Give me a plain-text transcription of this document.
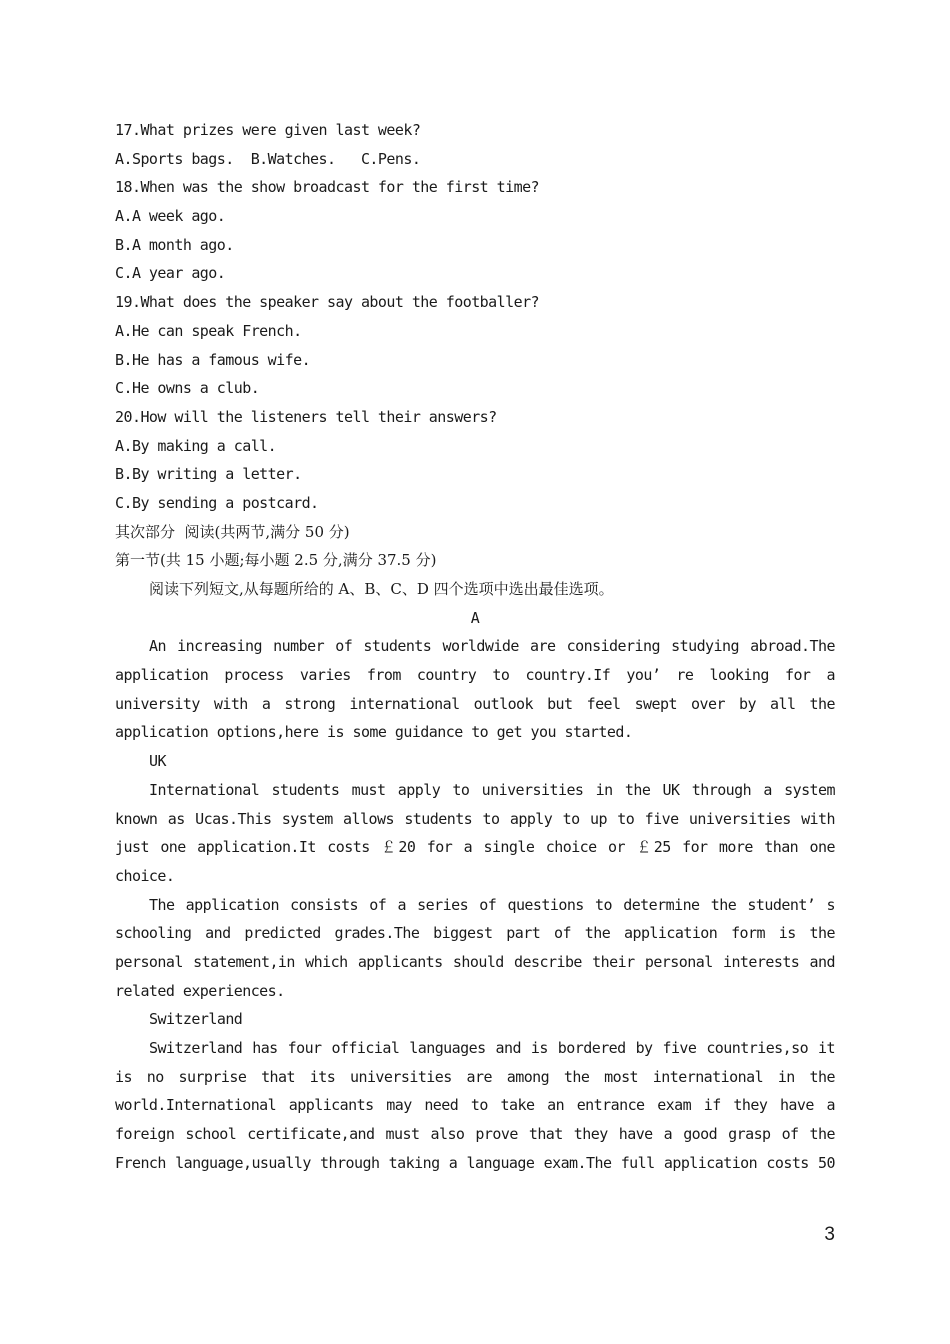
17.What prizes were given last week?
A.Sports bags.  B.Watches.   C.Pens.
18.When was the show broadcast for the first time?
A.A week ago.
B.A month ago.
C.A year ago.
19.What does the speaker say about the footballer?
A.He can speak French.
B.He has a famous wife.
C.He owns a club.
20.How will the listeners tell their answers?
A.By making a call.
B.By writing a letter.
C.By sending a postcard.
其次部分  阅读(共两节,满分 50 分)
第一节(共 15 小题;每小题 2.5 分,满分 37.5 分)
阅读下列短文,从每题所给的 A、B、C、D 四个选项中选出最佳选项。
A
An increasing number of students worldwide are considering studying abroad.The
application process varies from country to country.If you’ re looking for a
university with a strong international outlook but feel swept over by all the
application options,here is some guidance to get you started.
UK
International students must apply to universities in the UK through a system
known as Ucas.This system allows students to apply to up to five universities with
just one application.It costs ￡20 for a single choice or ￡25 for more than one
choice.
The application consists of a series of questions to determine the student’ s
schooling and predicted grades.The biggest part of the application form is the
personal statement,in which applicants should describe their personal interests and
related experiences.
Switzerland
Switzerland has four official languages and is bordered by five countries,so it
is no surprise that its universities are among the most international in the
world.International applicants may need to take an entrance exam if they have a
foreign school certificate,and must also prove that they have a good grasp of the
French language,usually through taking a language exam.The full application costs 50
3
